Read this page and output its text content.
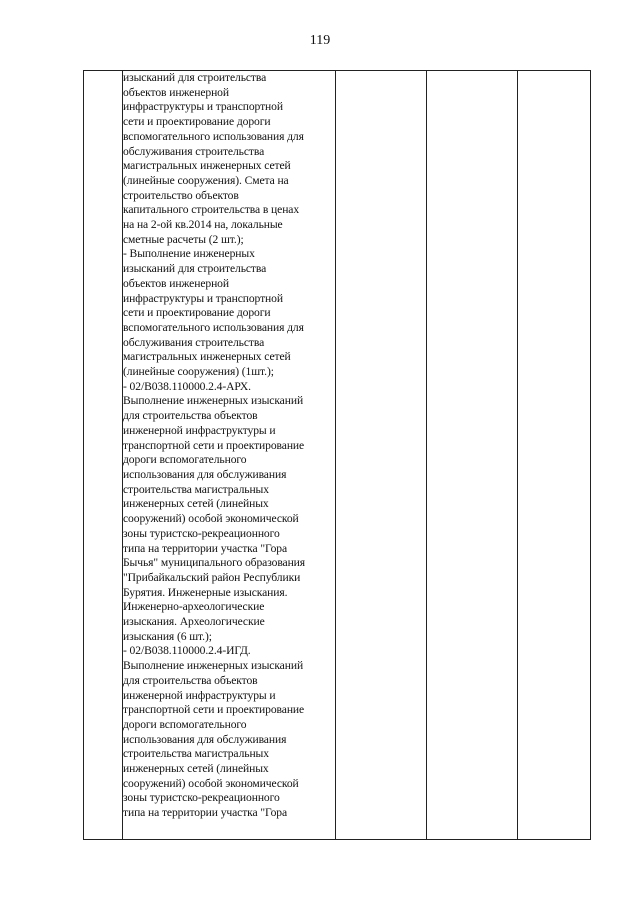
119

изысканий для строительства
объектов инженерной
инфраструктуры и транспортной
сети и проектирование дороги
вспомогательного использования для
обслуживания строительства
магистральных инженерных сетей
(линейные сооружения). Смета на
строительство объектов
капитального строительства в ценах
на на 2-ой кв.2014 на, локальные
сметные расчеты (2 шт.);
- Выполнение инженерных
изысканий для строительства
объектов инженерной
инфраструктуры и транспортной
сети и проектирование дороги
вспомогательного использования для
обслуживания строительства
магистральных инженерных сетей
(линейные сооружения) (1шт.);
- 02/В038.110000.2.4-АРХ.
Выполнение инженерных изысканий
для строительства объектов
инженерной инфраструктуры и
транспортной сети и проектирование
дороги вспомогательного
использования для обслуживания
строительства магистральных
инженерных сетей (линейных
сооружений) особой экономической
зоны туристско-рекреационного
типа на территории участка "Гора
Бычья" муниципального образования
"Прибайкальский район Республики
Бурятия. Инженерные изыскания.
Инженерно-археологические
изыскания. Археологические
изыскания (6 шт.);
- 02/В038.110000.2.4-ИГД.
Выполнение инженерных изысканий
для строительства объектов
инженерной инфраструктуры и
транспортной сети и проектирование
дороги вспомогательного
использования для обслуживания
строительства магистральных
инженерных сетей (линейных
сооружений) особой экономической
зоны туристско-рекреационного
типа на территории участка "Гора
